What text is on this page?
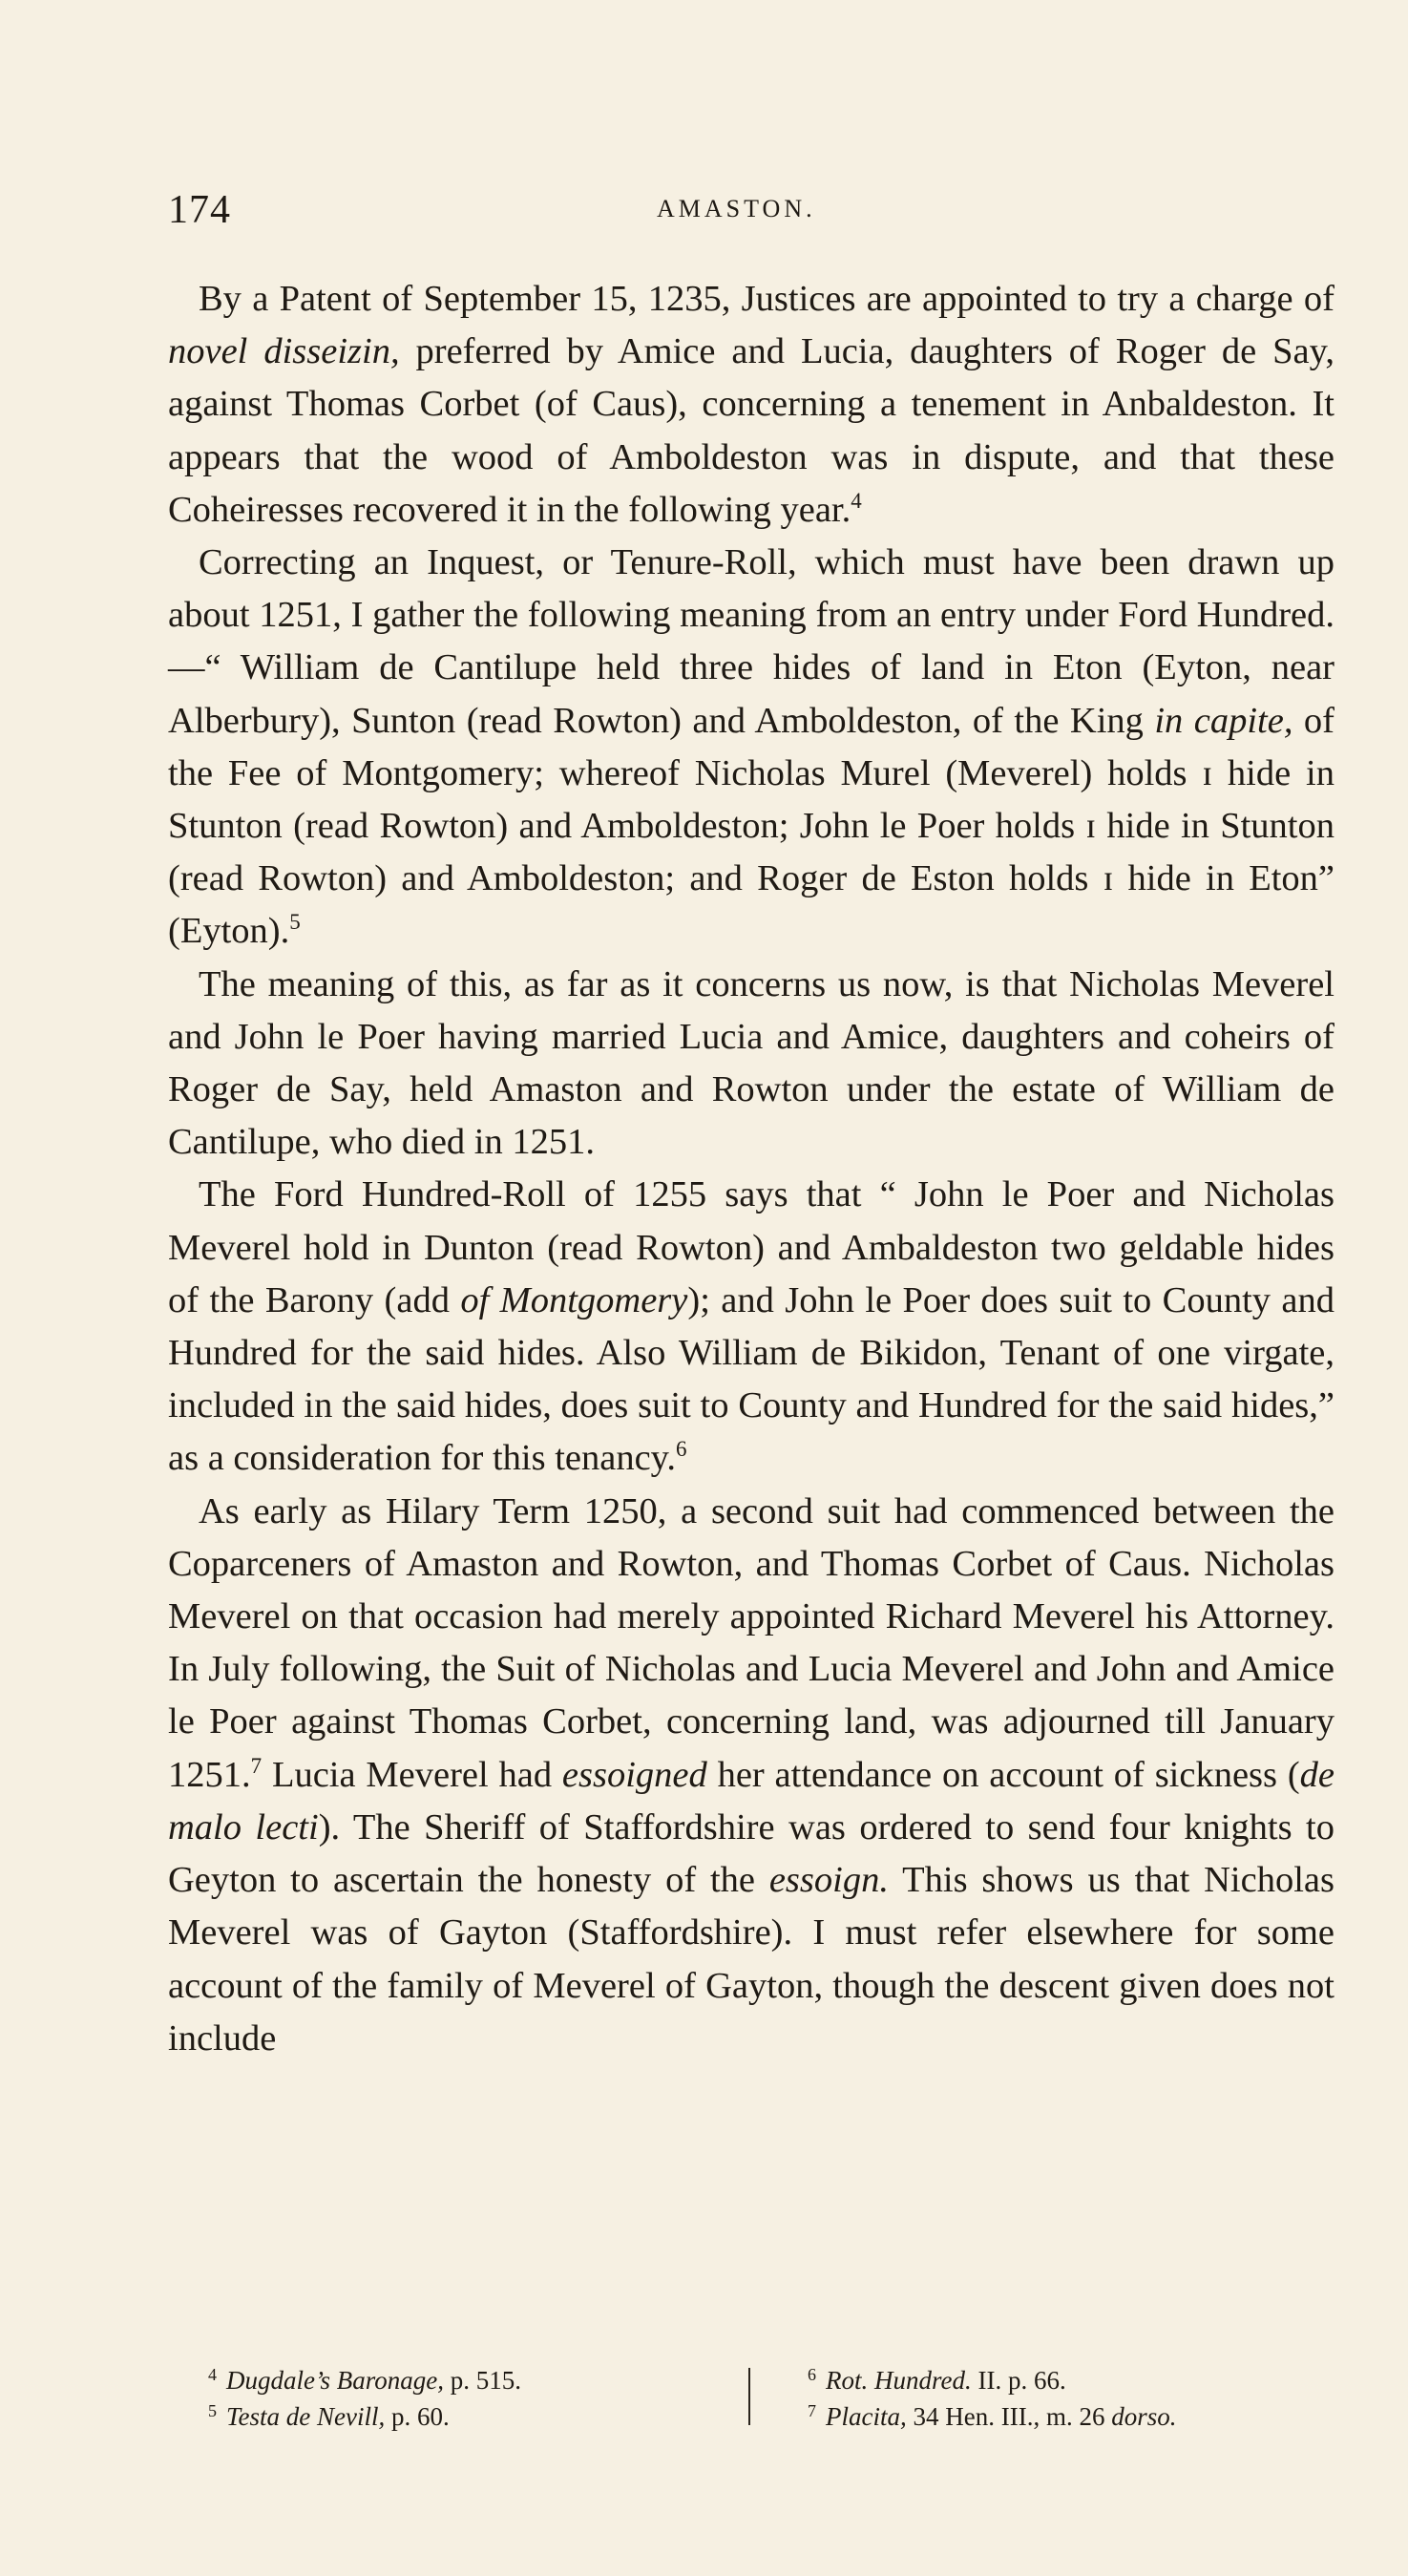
174	AMASTON.

By a Patent of September 15, 1235, Justices are appointed to try a charge of novel disseizin, preferred by Amice and Lucia, daughters of Roger de Say, against Thomas Corbet (of Caus), concerning a tenement in Anbaldeston. It appears that the wood of Amboldeston was in dispute, and that these Coheiresses recovered it in the following year.$^4$

Correcting an Inquest, or Tenure-Roll, which must have been drawn up about 1251, I gather the following meaning from an entry under Ford Hundred.—“ William de Cantilupe held three hides of land in Eton (Eyton, near Alberbury), Sunton (read Rowton) and Amboldeston, of the King in capite, of the Fee of Montgomery; whereof Nicholas Murel (Meverel) holds ɪ hide in Stunton (read Rowton) and Amboldeston; John le Poer holds ɪ hide in Stunton (read Rowton) and Amboldeston; and Roger de Eston holds ɪ hide in Eton” (Eyton).$^5$

The meaning of this, as far as it concerns us now, is that Nicholas Meverel and John le Poer having married Lucia and Amice, daughters and coheirs of Roger de Say, held Amaston and Rowton under the estate of William de Cantilupe, who died in 1251.

The Ford Hundred-Roll of 1255 says that “ John le Poer and Nicholas Meverel hold in Dunton (read Rowton) and Ambaldeston two geldable hides of the Barony (add of Montgomery); and John le Poer does suit to County and Hundred for the said hides. Also William de Bikidon, Tenant of one virgate, included in the said hides, does suit to County and Hundred for the said hides,” as a consideration for this tenancy.$^6$

As early as Hilary Term 1250, a second suit had commenced between the Coparceners of Amaston and Rowton, and Thomas Corbet of Caus. Nicholas Meverel on that occasion had merely appointed Richard Meverel his Attorney. In July following, the Suit of Nicholas and Lucia Meverel and John and Amice le Poer against Thomas Corbet, concerning land, was adjourned till January 1251.$^7$ Lucia Meverel had essoigned her attendance on account of sickness (de malo lecti). The Sheriff of Staffordshire was ordered to send four knights to Geyton to ascertain the honesty of the essoign. This shows us that Nicholas Meverel was of Gayton (Staffordshire). I must refer elsewhere for some account of the family of Meverel of Gayton, though the descent given does not include

$^4$ Dugdale’s Baronage, p. 515.
$^5$ Testa de Nevill, p. 60.
$^6$ Rot. Hundred. II. p. 66.
$^7$ Placita, 34 Hen. III., m. 26 dorso.
